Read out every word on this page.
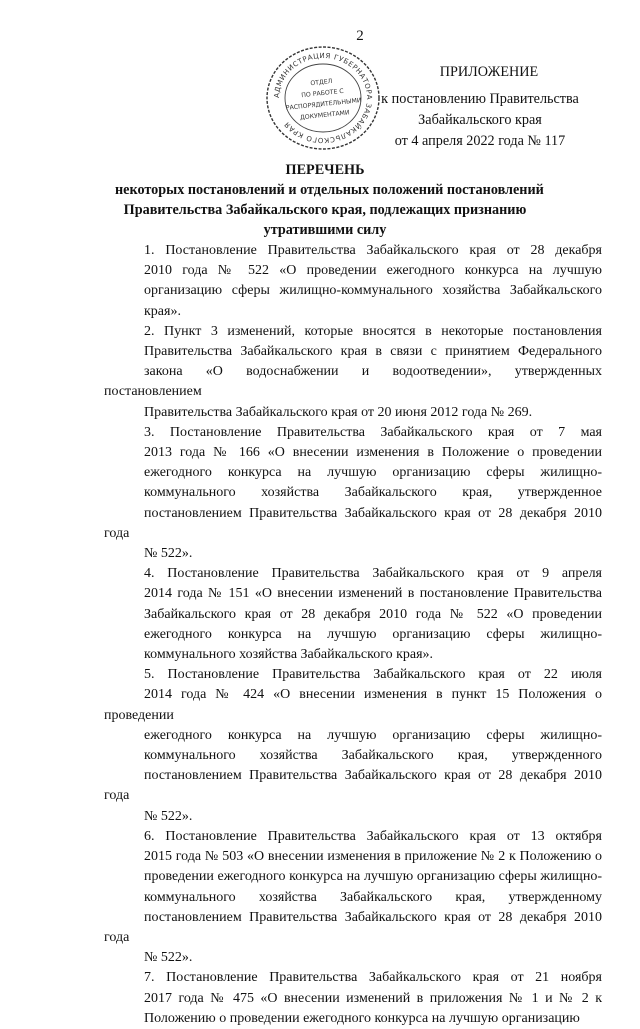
2
АДМИНИСТРАЦИЯ ГУБЕРНАТОРА ЗАБАЙКАЛЬСКОГО КРАЯ
ОТДЕЛ
ПО РАБОТЕ С
РАСПОРЯДИТЕЛЬНЫМИ
ДОКУМЕНТАМИ
ПРИЛОЖЕНИЕ
к постановлению Правительства
Забайкальского края
от 4 апреля 2022 года № 117
ПЕРЕЧЕНЬ
некоторых постановлений и отдельных положений постановлений
Правительства Забайкальского края, подлежащих признанию
утратившими силу
1. Постановление Правительства Забайкальского края от 28 декабря
2010 года № 522 «О проведении ежегодного конкурса на лучшую
организацию сферы жилищно-коммунального хозяйства Забайкальского
края».
2. Пункт 3 изменений, которые вносятся в некоторые постановления
Правительства Забайкальского края в связи с принятием Федерального
закона «О водоснабжении и водоотведении», утвержденных постановлением
Правительства Забайкальского края от 20 июня 2012 года № 269.
3. Постановление Правительства Забайкальского края от 7 мая
2013 года № 166 «О внесении изменения в Положение о проведении
ежегодного конкурса на лучшую организацию сферы жилищно-
коммунального хозяйства Забайкальского края, утвержденное
постановлением Правительства Забайкальского края от 28 декабря 2010 года
№ 522».
4. Постановление Правительства Забайкальского края от 9 апреля
2014 года № 151 «О внесении изменений в постановление Правительства
Забайкальского края от 28 декабря 2010 года № 522 «О проведении
ежегодного конкурса на лучшую организацию сферы жилищно-
коммунального хозяйства Забайкальского края».
5. Постановление Правительства Забайкальского края от 22 июля
2014 года № 424 «О внесении изменения в пункт 15 Положения о проведении
ежегодного конкурса на лучшую организацию сферы жилищно-
коммунального хозяйства Забайкальского края, утвержденного
постановлением Правительства Забайкальского края от 28 декабря 2010 года
№ 522».
6. Постановление Правительства Забайкальского края от 13 октября
2015 года № 503 «О внесении изменения в приложение № 2 к Положению о
проведении ежегодного конкурса на лучшую организацию сферы жилищно-
коммунального хозяйства Забайкальского края, утвержденному
постановлением Правительства Забайкальского края от 28 декабря 2010 года
№ 522».
7. Постановление Правительства Забайкальского края от 21 ноября
2017 года № 475 «О внесении изменений в приложения № 1 и № 2 к
Положению о проведении ежегодного конкурса на лучшую организацию
